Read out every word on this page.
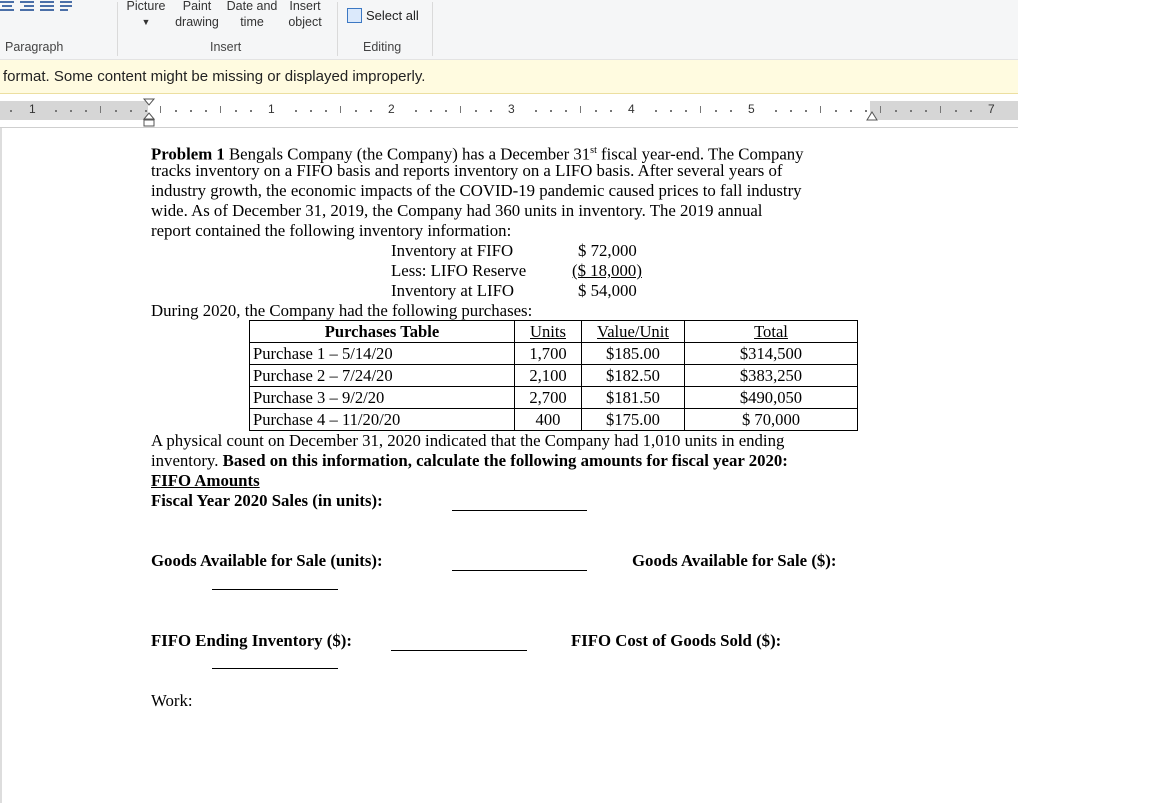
Picture
▼
Paint
drawing
Date and
time
Insert
object	Select all
Paragraph	Insert	Editing
format. Some content might be missing or displayed improperly.
1	1	2	3	4	5	7
Problem 1 Bengals Company (the Company) has a December 31st fiscal year-end. The Company
tracks inventory on a FIFO basis and reports inventory on a LIFO basis. After several years of
industry growth, the economic impacts of the COVID-19 pandemic caused prices to fall industry
wide. As of December 31, 2019, the Company had 360 units in inventory. The 2019 annual
report contained the following inventory information:
Inventory at FIFO	$ 72,000
Less: LIFO Reserve	($ 18,000)
Inventory at LIFO	$ 54,000
During 2020, the Company had the following purchases:
Purchases Table	Units	Value/Unit	Total
Purchase 1 – 5/14/20	1,700	$185.00	$314,500
Purchase 2 – 7/24/20	2,100	$182.50	$383,250
Purchase 3 – 9/2/20	2,700	$181.50	$490,050
Purchase 4 – 11/20/20	400	$175.00	$ 70,000
A physical count on December 31, 2020 indicated that the Company had 1,010 units in ending
inventory. Based on this information, calculate the following amounts for fiscal year 2020:
FIFO Amounts
Fiscal Year 2020 Sales (in units):
Goods Available for Sale (units):	Goods Available for Sale ($):
FIFO Ending Inventory ($):	FIFO Cost of Goods Sold ($):
Work:
